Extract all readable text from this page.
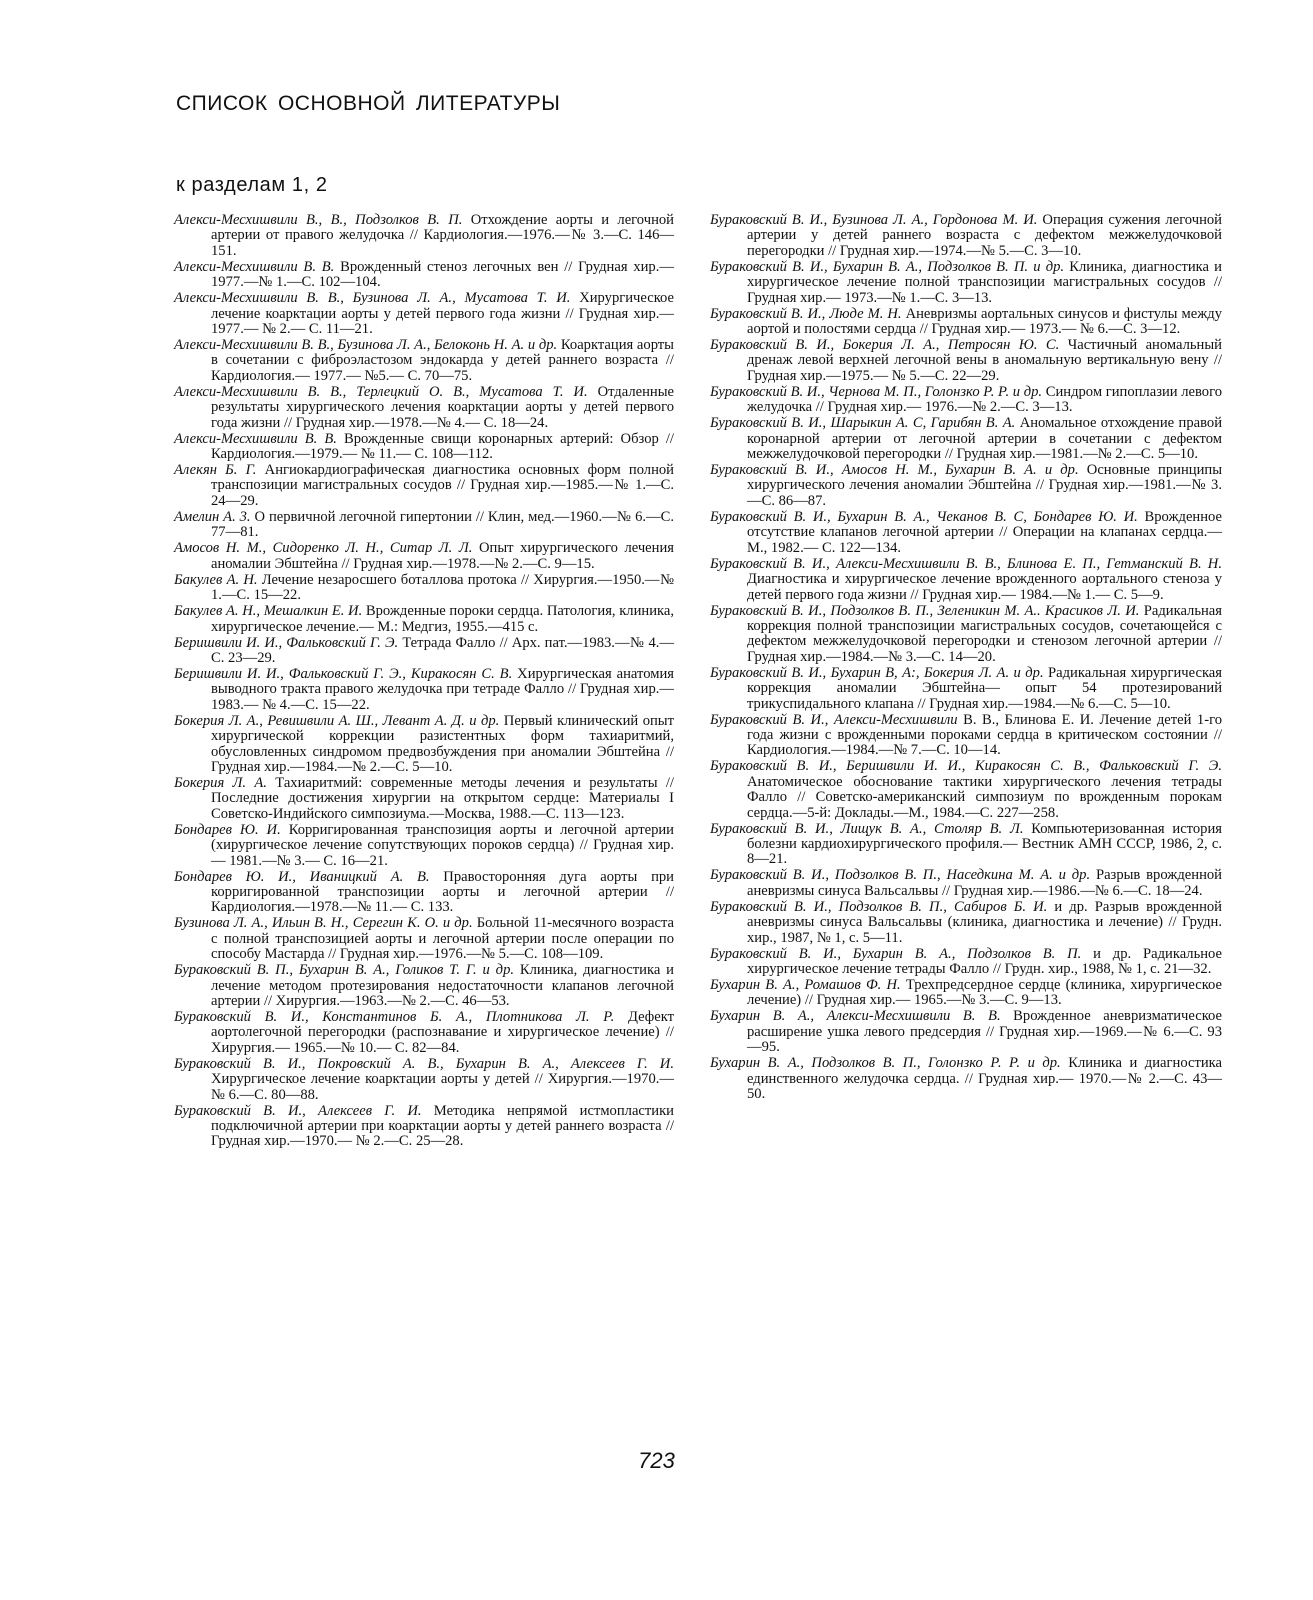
СПИСОК ОСНОВНОЙ ЛИТЕРАТУРЫ
к разделам 1, 2

Алекси-Месхишвили В., В., Подзолков В. П. Отхождение аорты и легочной артерии от правого желудочка // Кардиология.—1976.—№ 3.—С. 146—151.

Алекси-Месхишвили В. В. Врожденный стеноз легочных вен // Грудная хир.—1977.—№ 1.—С. 102—104.

Алекси-Месхишвили В. В., Бузинова Л. А., Мусатова Т. И. Хирургическое лечение коарктации аорты у детей первого года жизни // Грудная хир.— 1977.— № 2.— С. 11—21.

Алекси-Месхишвили В. В., Бузинова Л. А., Белоконь Н. А. и др. Коарктация аорты в сочетании с фиброэластозом эндокарда у детей раннего возраста // Кардиология.— 1977.— №5.— С. 70—75.

Алекси-Месхишвили В. В., Терлецкий О. В., Мусатова Т. И. Отдаленные результаты хирургического лечения коарктации аорты у детей первого года жизни // Грудная хир.—1978.—№ 4.— С. 18—24.

Алекси-Месхишвили В. В. Врожденные свищи коронарных артерий: Обзор // Кардиология.—1979.— № 11.— С. 108—112.

Алекян Б. Г. Ангиокардиографическая диагностика основных форм полной транспозиции магистральных сосудов // Грудная хир.—1985.—№ 1.—С. 24—29.

Амелин А. 3. О первичной легочной гипертонии // Клин, мед.—1960.—№ 6.—С. 77—81.

Амосов Н. М., Сидоренко Л. Н., Ситар Л. Л. Опыт хирургического лечения аномалии Эбштейна // Грудная хир.—1978.—№ 2.—С. 9—15.

Бакулев А. Н. Лечение незаросшего боталлова протока // Хирургия.—1950.—№ 1.—С. 15—22.

Бакулев А. Н., Мешалкин Е. И. Врожденные пороки сердца. Патология, клиника, хирургическое лечение.— М.: Медгиз, 1955.—415 с.

Беришвили И. И., Фальковский Г. Э. Тетрада Фалло // Арх. пат.—1983.—№ 4.—С. 23—29.

Беришвили И. И., Фальковский Г. Э., Киракосян С. В. Хирургическая анатомия выводного тракта правого желудочка при тетраде Фалло // Грудная хир.—1983.— № 4.—С. 15—22.

Бокерия Л. А., Ревишвили А. Ш., Левант А. Д. и др. Первый клинический опыт хирургической коррекции разистентных форм тахиаритмий, обусловленных синдромом предвозбуждения при аномалии Эбштейна // Грудная хир.—1984.—№ 2.—С. 5—10.

Бокерия Л. А. Тахиаритмий: современные методы лечения и результаты // Последние достижения хирургии на открытом сердце: Материалы I Советско-Индийского симпозиума.—Москва, 1988.—С. 113—123.

Бондарев Ю. И. Корригированная транспозиция аорты и легочной артерии (хирургическое лечение сопутствующих пороков сердца) // Грудная хир.— 1981.—№ 3.— С. 16—21.

Бондарев Ю. И., Иваницкий А. В. Правосторонняя дуга аорты при корригированной транспозиции аорты и легочной артерии // Кардиология.—1978.—№ 11.— С. 133.

Бузинова Л. А., Ильин В. Н., Серегин К. О. и др. Больной 11-месячного возраста с полной транспозицией аорты и легочной артерии после операции по способу Мастарда // Грудная хир.—1976.—№ 5.—С. 108—109.

Бураковский В. П., Бухарин В. А., Голиков Т. Г. и др. Клиника, диагностика и лечение методом протезирования недостаточности клапанов легочной артерии // Хирургия.—1963.—№ 2.—С. 46—53.

Бураковский В. И., Константинов Б. А., Плотникова Л. Р. Дефект аортолегочной перегородки (распознавание и хирургическое лечение) // Хирургия.— 1965.—№ 10.— С. 82—84.

Бураковский В. И., Покровский А. В., Бухарин В. А., Алексеев Г. И. Хирургическое лечение коарктации аорты у детей // Хирургия.—1970.—№ 6.—С. 80—88.

Бураковский В. И., Алексеев Г. И. Методика непрямой истмопластики подключичной артерии при коарктации аорты у детей раннего возраста // Грудная хир.—1970.— № 2.—С. 25—28.

Бураковский В. И., Бузинова Л. А., Гордонова М. И. Операция сужения легочной артерии у детей раннего возраста с дефектом межжелудочковой перегородки // Грудная хир.—1974.—№ 5.—С. 3—10.

Бураковский В. И., Бухарин В. А., Подзолков В. П. и др. Клиника, диагностика и хирургическое лечение полной транспозиции магистральных сосудов // Грудная хир.— 1973.—№ 1.—С. 3—13.

Бураковский В. И., Люде М. Н. Аневризмы аортальных синусов и фистулы между аортой и полостями сердца // Грудная хир.— 1973.— № 6.—С. 3—12.

Бураковский В. И., Бокерия Л. А., Петросян Ю. С. Частичный аномальный дренаж левой верхней легочной вены в аномальную вертикальную вену // Грудная хир.—1975.— № 5.—С. 22—29.

Бураковский В. И., Чернова М. П., Голонзко Р. Р. и др. Синдром гипоплазии левого желудочка // Грудная хир.— 1976.—№ 2.—С. 3—13.

Бураковский В. И., Шарыкин А. С, Гарибян В. А. Аномальное отхождение правой коронарной артерии от легочной артерии в сочетании с дефектом межжелудочковой перегородки // Грудная хир.—1981.—№ 2.—С. 5—10.

Бураковский В. И., Амосов Н. М., Бухарин В. А. и др. Основные принципы хирургического лечения аномалии Эбштейна // Грудная хир.—1981.—№ 3.—С. 86—87.

Бураковский В. И., Бухарин В. А., Чеканов В. С, Бондарев Ю. И. Врожденное отсутствие клапанов легочной артерии // Операции на клапанах сердца.— М., 1982.— С. 122—134.

Бураковский В. И., Алекси-Месхишвили В. В., Блинова Е. П., Гетманский В. Н. Диагностика и хирургическое лечение врожденного аортального стеноза у детей первого года жизни // Грудная хир.— 1984.—№ 1.— С. 5—9.

Бураковский В. И., Подзолков В. П., Зеленикин М. А.. Красиков Л. И. Радикальная коррекция полной транспозиции магистральных сосудов, сочетающейся с дефектом межжелудочковой перегородки и стенозом легочной артерии // Грудная хир.—1984.—№ 3.—С. 14—20.

Бураковский В. И., Бухарин В, А:, Бокерия Л. А. и др. Радикальная хирургическая коррекция аномалии Эбштейна— опыт 54 протезирований трикуспидального клапана // Грудная хир.—1984.—№ 6.—С. 5—10.

Бураковский В. И., Алекси-Месхишвили В. В., Блинова Е. И. Лечение детей 1-го года жизни с врожденными пороками сердца в критическом состоянии // Кардиология.—1984.—№ 7.—С. 10—14.

Бураковский В. И., Беришвили И. И., Киракосян С. В., Фальковский Г. Э. Анатомическое обоснование тактики хирургического лечения тетрады Фалло // Советско-американский симпозиум по врожденным порокам сердца.—5-й: Доклады.—М., 1984.—С. 227—258.

Бураковский В. И., Лищук В. А., Столяр В. Л. Компьютеризованная история болезни кардиохирургического профиля.— Вестник АМН СССР, 1986, 2, с. 8—21.

Бураковский В. И., Подзолков В. П., Наседкина М. А. и др. Разрыв врожденной аневризмы синуса Вальсальвы // Грудная хир.—1986.—№ 6.—С. 18—24.

Бураковский В. И., Подзолков В. П., Сабиров Б. И. и др. Разрыв врожденной аневризмы синуса Вальсальвы (клиника, диагностика и лечение) // Грудн. хир., 1987, № 1, с. 5—11.

Бураковский В. И., Бухарин В. А., Подзолков В. П. и др. Радикальное хирургическое лечение тетрады Фалло // Грудн. хир., 1988, № 1, с. 21—32.

Бухарин В. А., Ромашов Ф. Н. Трехпредсердное сердце (клиника, хирургическое лечение) // Грудная хир.— 1965.—№ 3.—С. 9—13.

Бухарин В. А., Алекси-Месхишвили В. В. Врожденное аневризматическое расширение ушка левого предсердия // Грудная хир.—1969.—№ 6.—С. 93—95.

Бухарин В. А., Подзолков В. П., Голонзко Р. Р. и др. Клиника и диагностика единственного желудочка сердца. // Грудная хир.— 1970.—№ 2.—С. 43—50.

723
